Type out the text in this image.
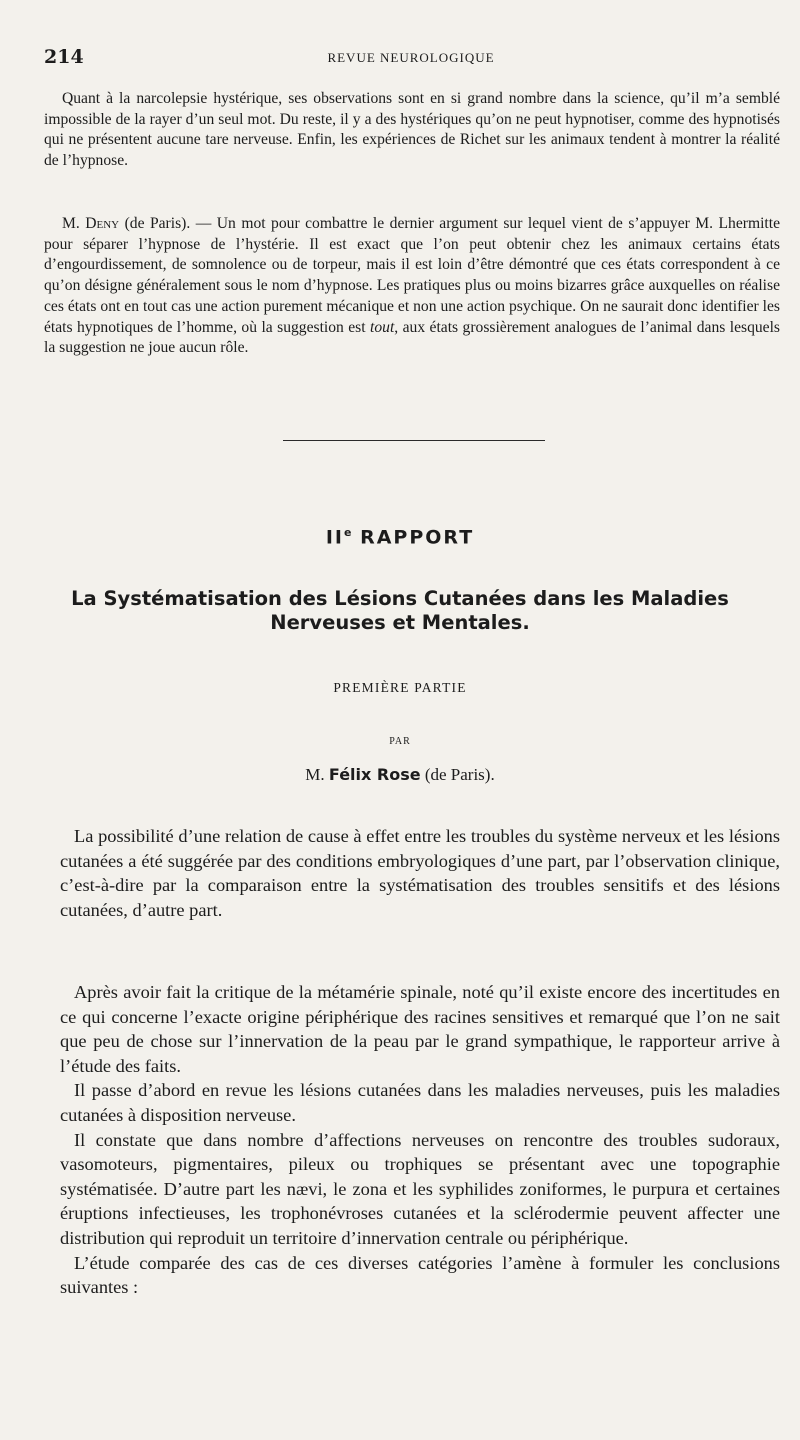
214	REVUE NEUROLOGIQUE

Quant à la narcolepsie hystérique, ses observations sont en si grand nombre dans la science, qu’il m’a semblé impossible de la rayer d’un seul mot. Du reste, il y a des hystériques qu’on ne peut hypnotiser, comme des hypnotisés qui ne présentent aucune tare nerveuse. Enfin, les expériences de Richet sur les animaux tendent à montrer la réalité de l’hypnose.

M. Deny (de Paris). — Un mot pour combattre le dernier argument sur lequel vient de s’appuyer M. Lhermitte pour séparer l’hypnose de l’hystérie. Il est exact que l’on peut obtenir chez les animaux certains états d’engourdissement, de somnolence ou de torpeur, mais il est loin d’être démontré que ces états correspondent à ce qu’on désigne généralement sous le nom d’hypnose. Les pratiques plus ou moins bizarres grâce auxquelles on réalise ces états ont en tout cas une action purement mécanique et non une action psychique. On ne saurait donc identifier les états hypnotiques de l’homme, où la suggestion est tout, aux états grossièrement analogues de l’animal dans lesquels la suggestion ne joue aucun rôle.

IIe RAPPORT
La Systématisation des Lésions Cutanées dans les Maladies Nerveuses et Mentales.
PREMIÈRE PARTIE
PAR
M. Félix Rose (de Paris).

La possibilité d’une relation de cause à effet entre les troubles du système nerveux et les lésions cutanées a été suggérée par des conditions embryologiques d’une part, par l’observation clinique, c’est-à-dire par la comparaison entre la systématisation des troubles sensitifs et des lésions cutanées, d’autre part.

Après avoir fait la critique de la métamérie spinale, noté qu’il existe encore des incertitudes en ce qui concerne l’exacte origine périphérique des racines sensitives et remarqué que l’on ne sait que peu de chose sur l’innervation de la peau par le grand sympathique, le rapporteur arrive à l’étude des faits.

Il passe d’abord en revue les lésions cutanées dans les maladies nerveuses, puis les maladies cutanées à disposition nerveuse.

Il constate que dans nombre d’affections nerveuses on rencontre des troubles sudoraux, vasomoteurs, pigmentaires, pileux ou trophiques se présentant avec une topographie systématisée. D’autre part les nævi, le zona et les syphilides zoniformes, le purpura et certaines éruptions infectieuses, les trophonévroses cutanées et la sclérodermie peuvent affecter une distribution qui reproduit un territoire d’innervation centrale ou périphérique.

L’étude comparée des cas de ces diverses catégories l’amène à formuler les conclusions suivantes :
